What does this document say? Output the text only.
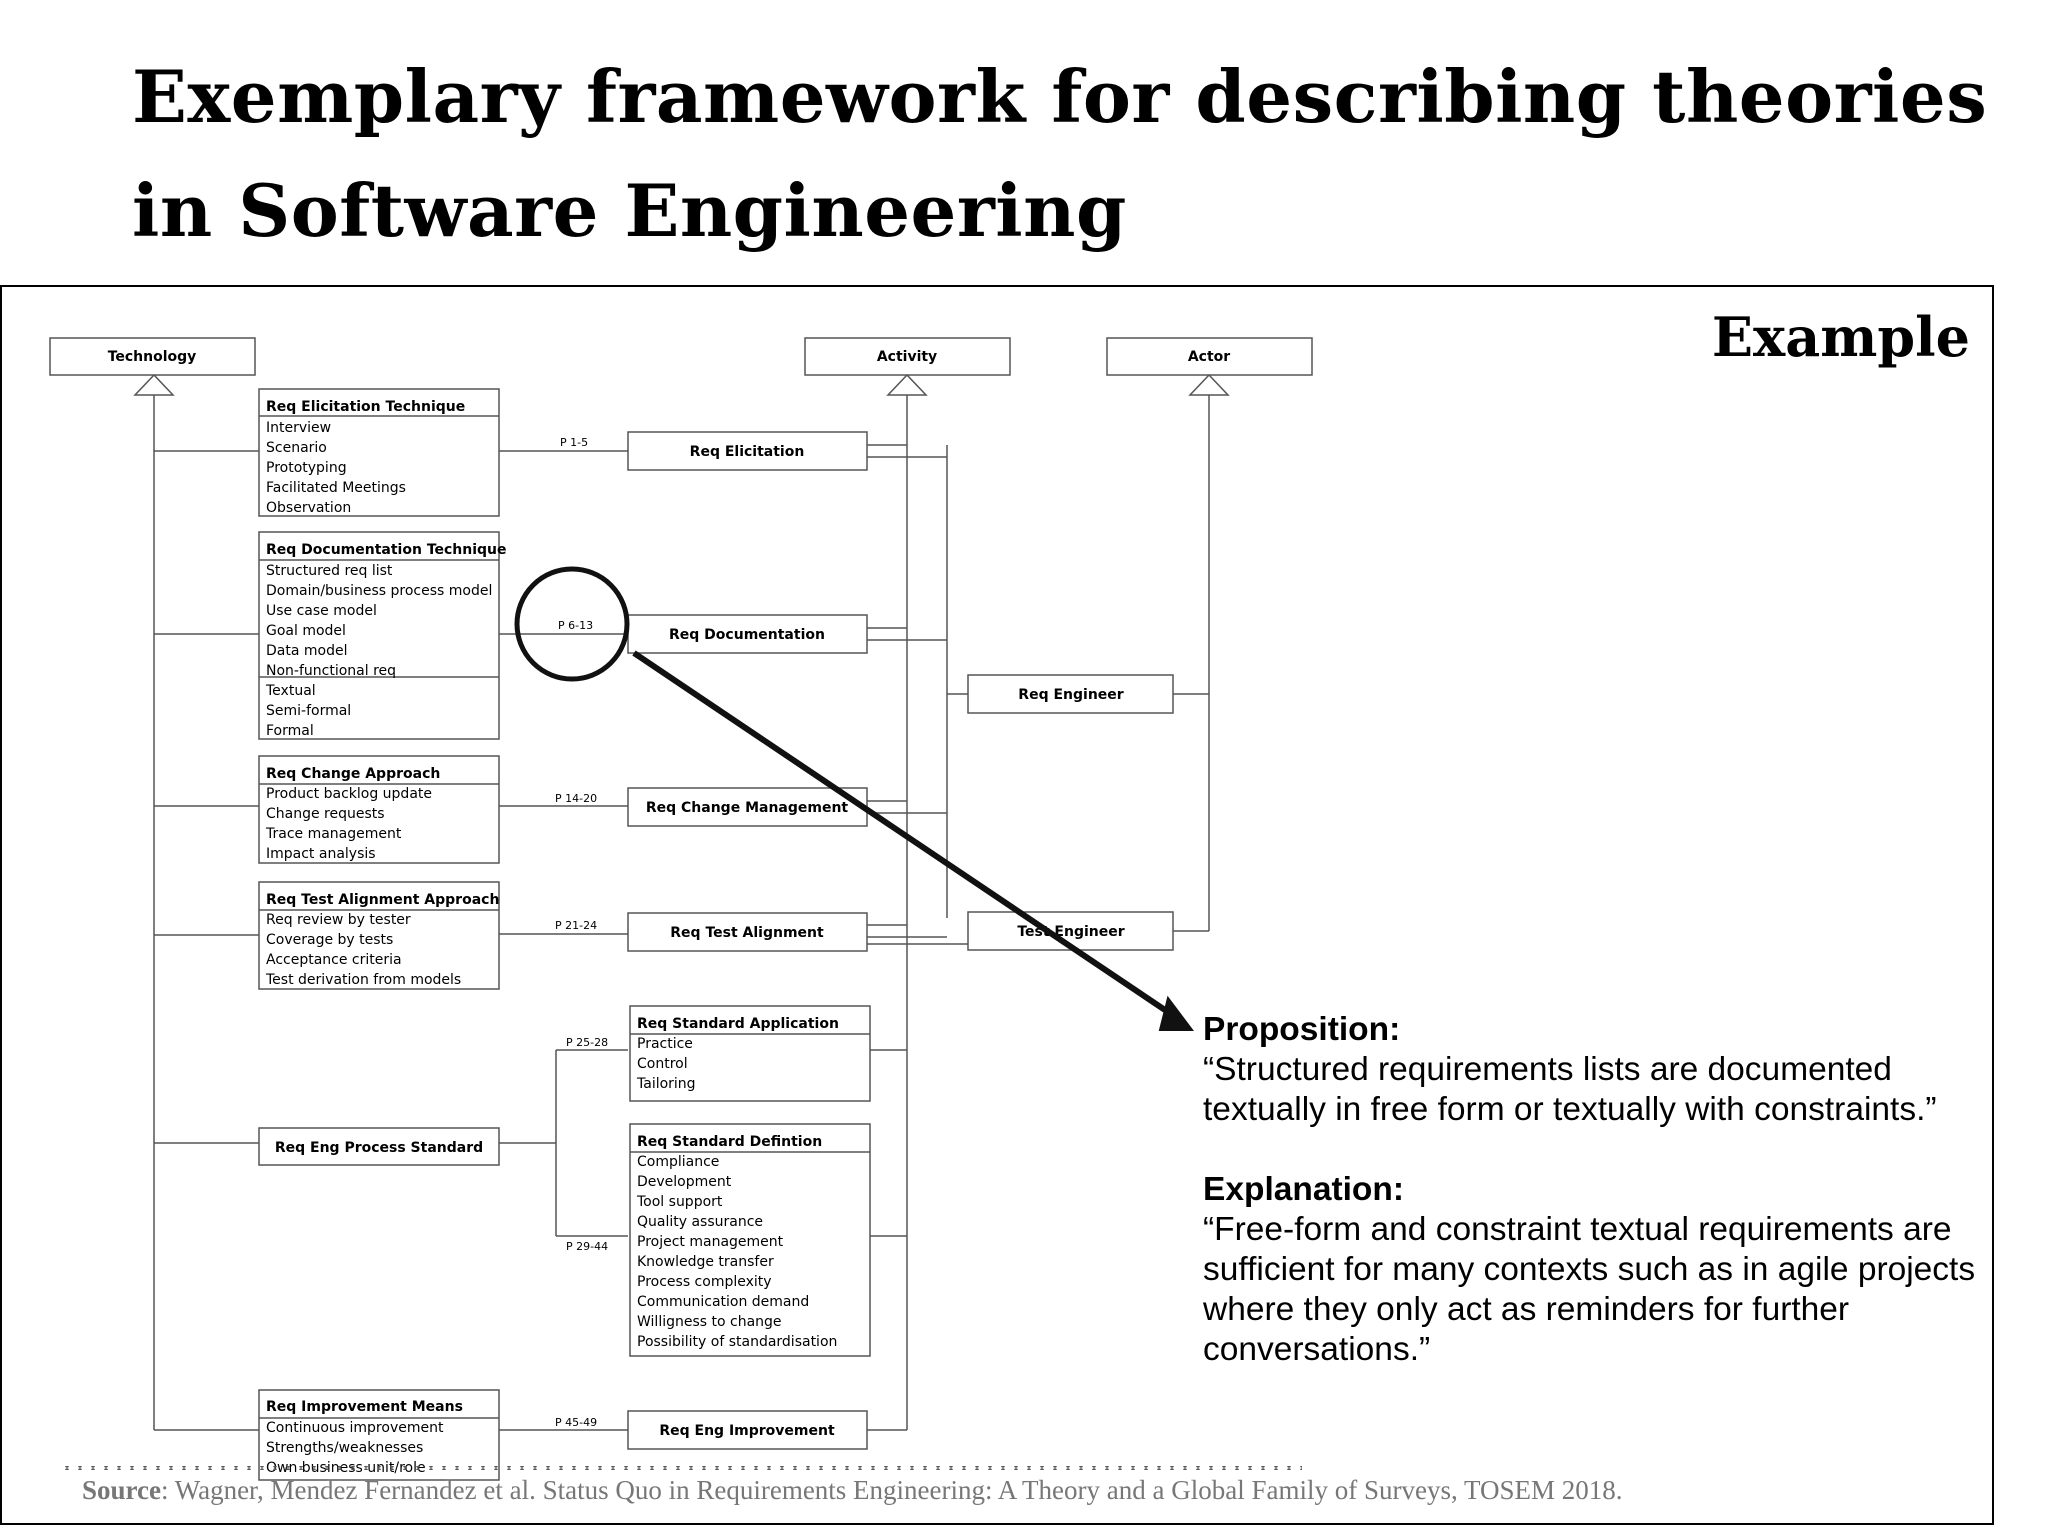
Exemplary framework for describing theories
in Software Engineering
Example
Technology	Activity	Actor
Req Elicitation Technique
Interview
Scenario
Prototyping
Facilitated Meetings
Observation
Req Documentation Technique
Structured req list
Domain/business process model
Use case model
Goal model
Data model
Non-functional req
Textual
Semi-formal
Formal
Req Change Approach
Product backlog update
Change requests
Trace management
Impact analysis
Req Test Alignment Approach
Req review by tester
Coverage by tests
Acceptance criteria
Test derivation from models
Req Improvement Means
Continuous improvement
Strengths/weaknesses
Req Eng Process Standard
Req Standard Application
Practice
Control
Tailoring
Req Standard Defintion
Compliance
Development
Tool support
Quality assurance
Project management
Knowledge transfer
Process complexity
Communication demand
Willigness to change
Possibility of standardisation
Req Elicitation
Req Documentation
Req Change Management
Req Test Alignment
Req Eng Improvement
Req Engineer
Test Engineer
P 1-5
P 6-13
P 14-20
P 21-24
P 25-28
P 29-44
P 45-49
Proposition:
“Structured requirements lists are documented textually in free form or textually with constraints.”
Explanation:
“Free-form and constraint textual requirements are sufficient for many contexts such as in agile projects where they only act as reminders for further conversations.”
Source: Wagner, Mendez Fernandez et al. Status Quo in Requirements Engineering: A Theory and a Global Family of Surveys, TOSEM 2018.
